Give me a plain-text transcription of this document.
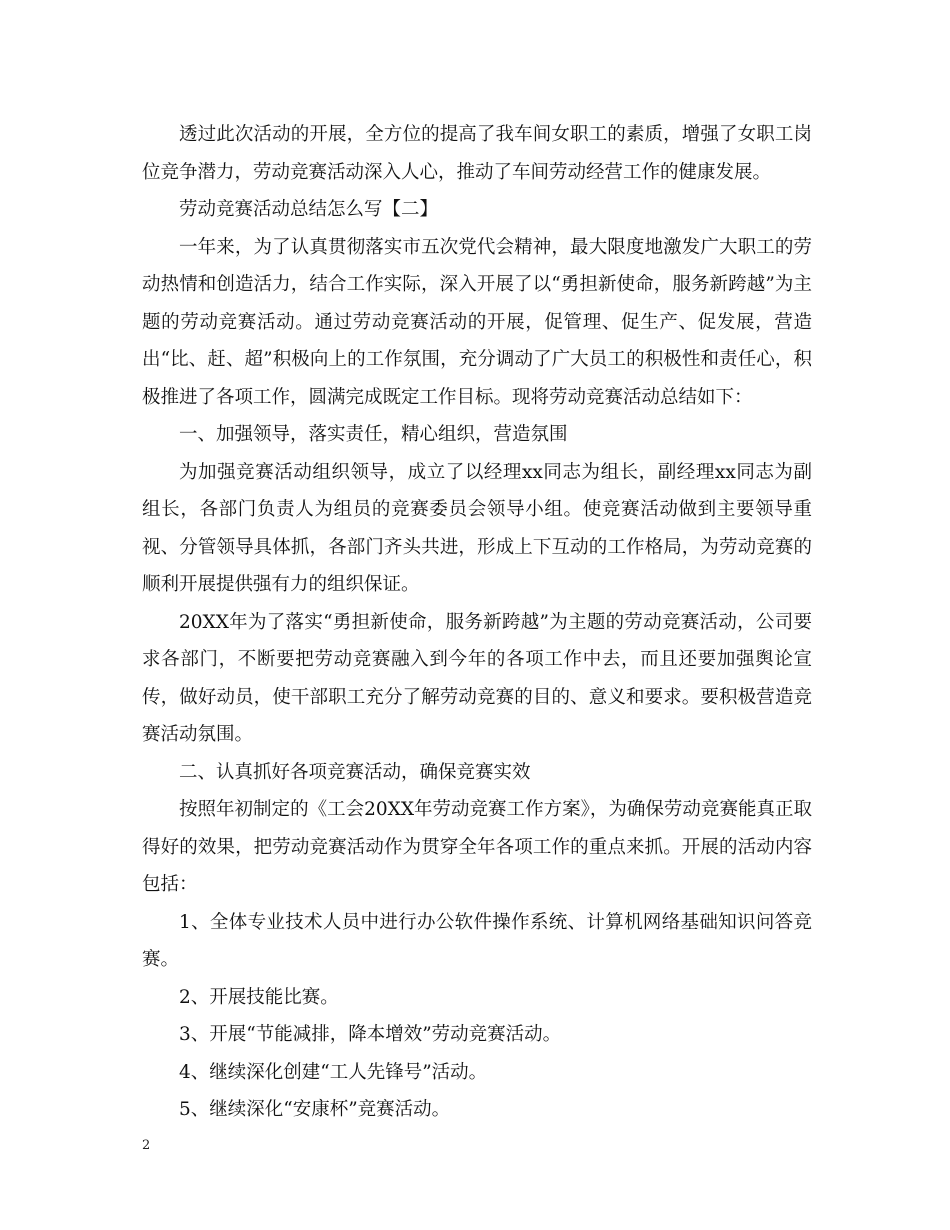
透过此次活动的开展，全方位的提高了我车间女职工的素质，增强了女职工岗位竞争潜力，劳动竞赛活动深入人心，推动了车间劳动经营工作的健康发展。

劳动竞赛活动总结怎么写【二】

一年来，为了认真贯彻落实市五次党代会精神，最大限度地激发广大职工的劳动热情和创造活力，结合工作实际，深入开展了以“勇担新使命，服务新跨越”为主题的劳动竞赛活动。通过劳动竞赛活动的开展，促管理、促生产、促发展，营造出“比、赶、超”积极向上的工作氛围，充分调动了广大员工的积极性和责任心，积极推进了各项工作，圆满完成既定工作目标。现将劳动竞赛活动总结如下：

一、加强领导，落实责任，精心组织，营造氛围

为加强竞赛活动组织领导，成立了以经理xx同志为组长，副经理xx同志为副组长，各部门负责人为组员的竞赛委员会领导小组。使竞赛活动做到主要领导重视、分管领导具体抓，各部门齐头共进，形成上下互动的工作格局，为劳动竞赛的顺利开展提供强有力的组织保证。

20XX年为了落实“勇担新使命，服务新跨越”为主题的劳动竞赛活动，公司要求各部门，不断要把劳动竞赛融入到今年的各项工作中去，而且还要加强舆论宣传，做好动员，使干部职工充分了解劳动竞赛的目的、意义和要求。要积极营造竞赛活动氛围。

二、认真抓好各项竞赛活动，确保竞赛实效

按照年初制定的《工会20XX年劳动竞赛工作方案》，为确保劳动竞赛能真正取得好的效果，把劳动竞赛活动作为贯穿全年各项工作的重点来抓。开展的活动内容包括：

1、全体专业技术人员中进行办公软件操作系统、计算机网络基础知识问答竞赛。

2、开展技能比赛。

3、开展“节能减排，降本增效”劳动竞赛活动。

4、继续深化创建“工人先锋号”活动。

5、继续深化“安康杯”竞赛活动。

2
